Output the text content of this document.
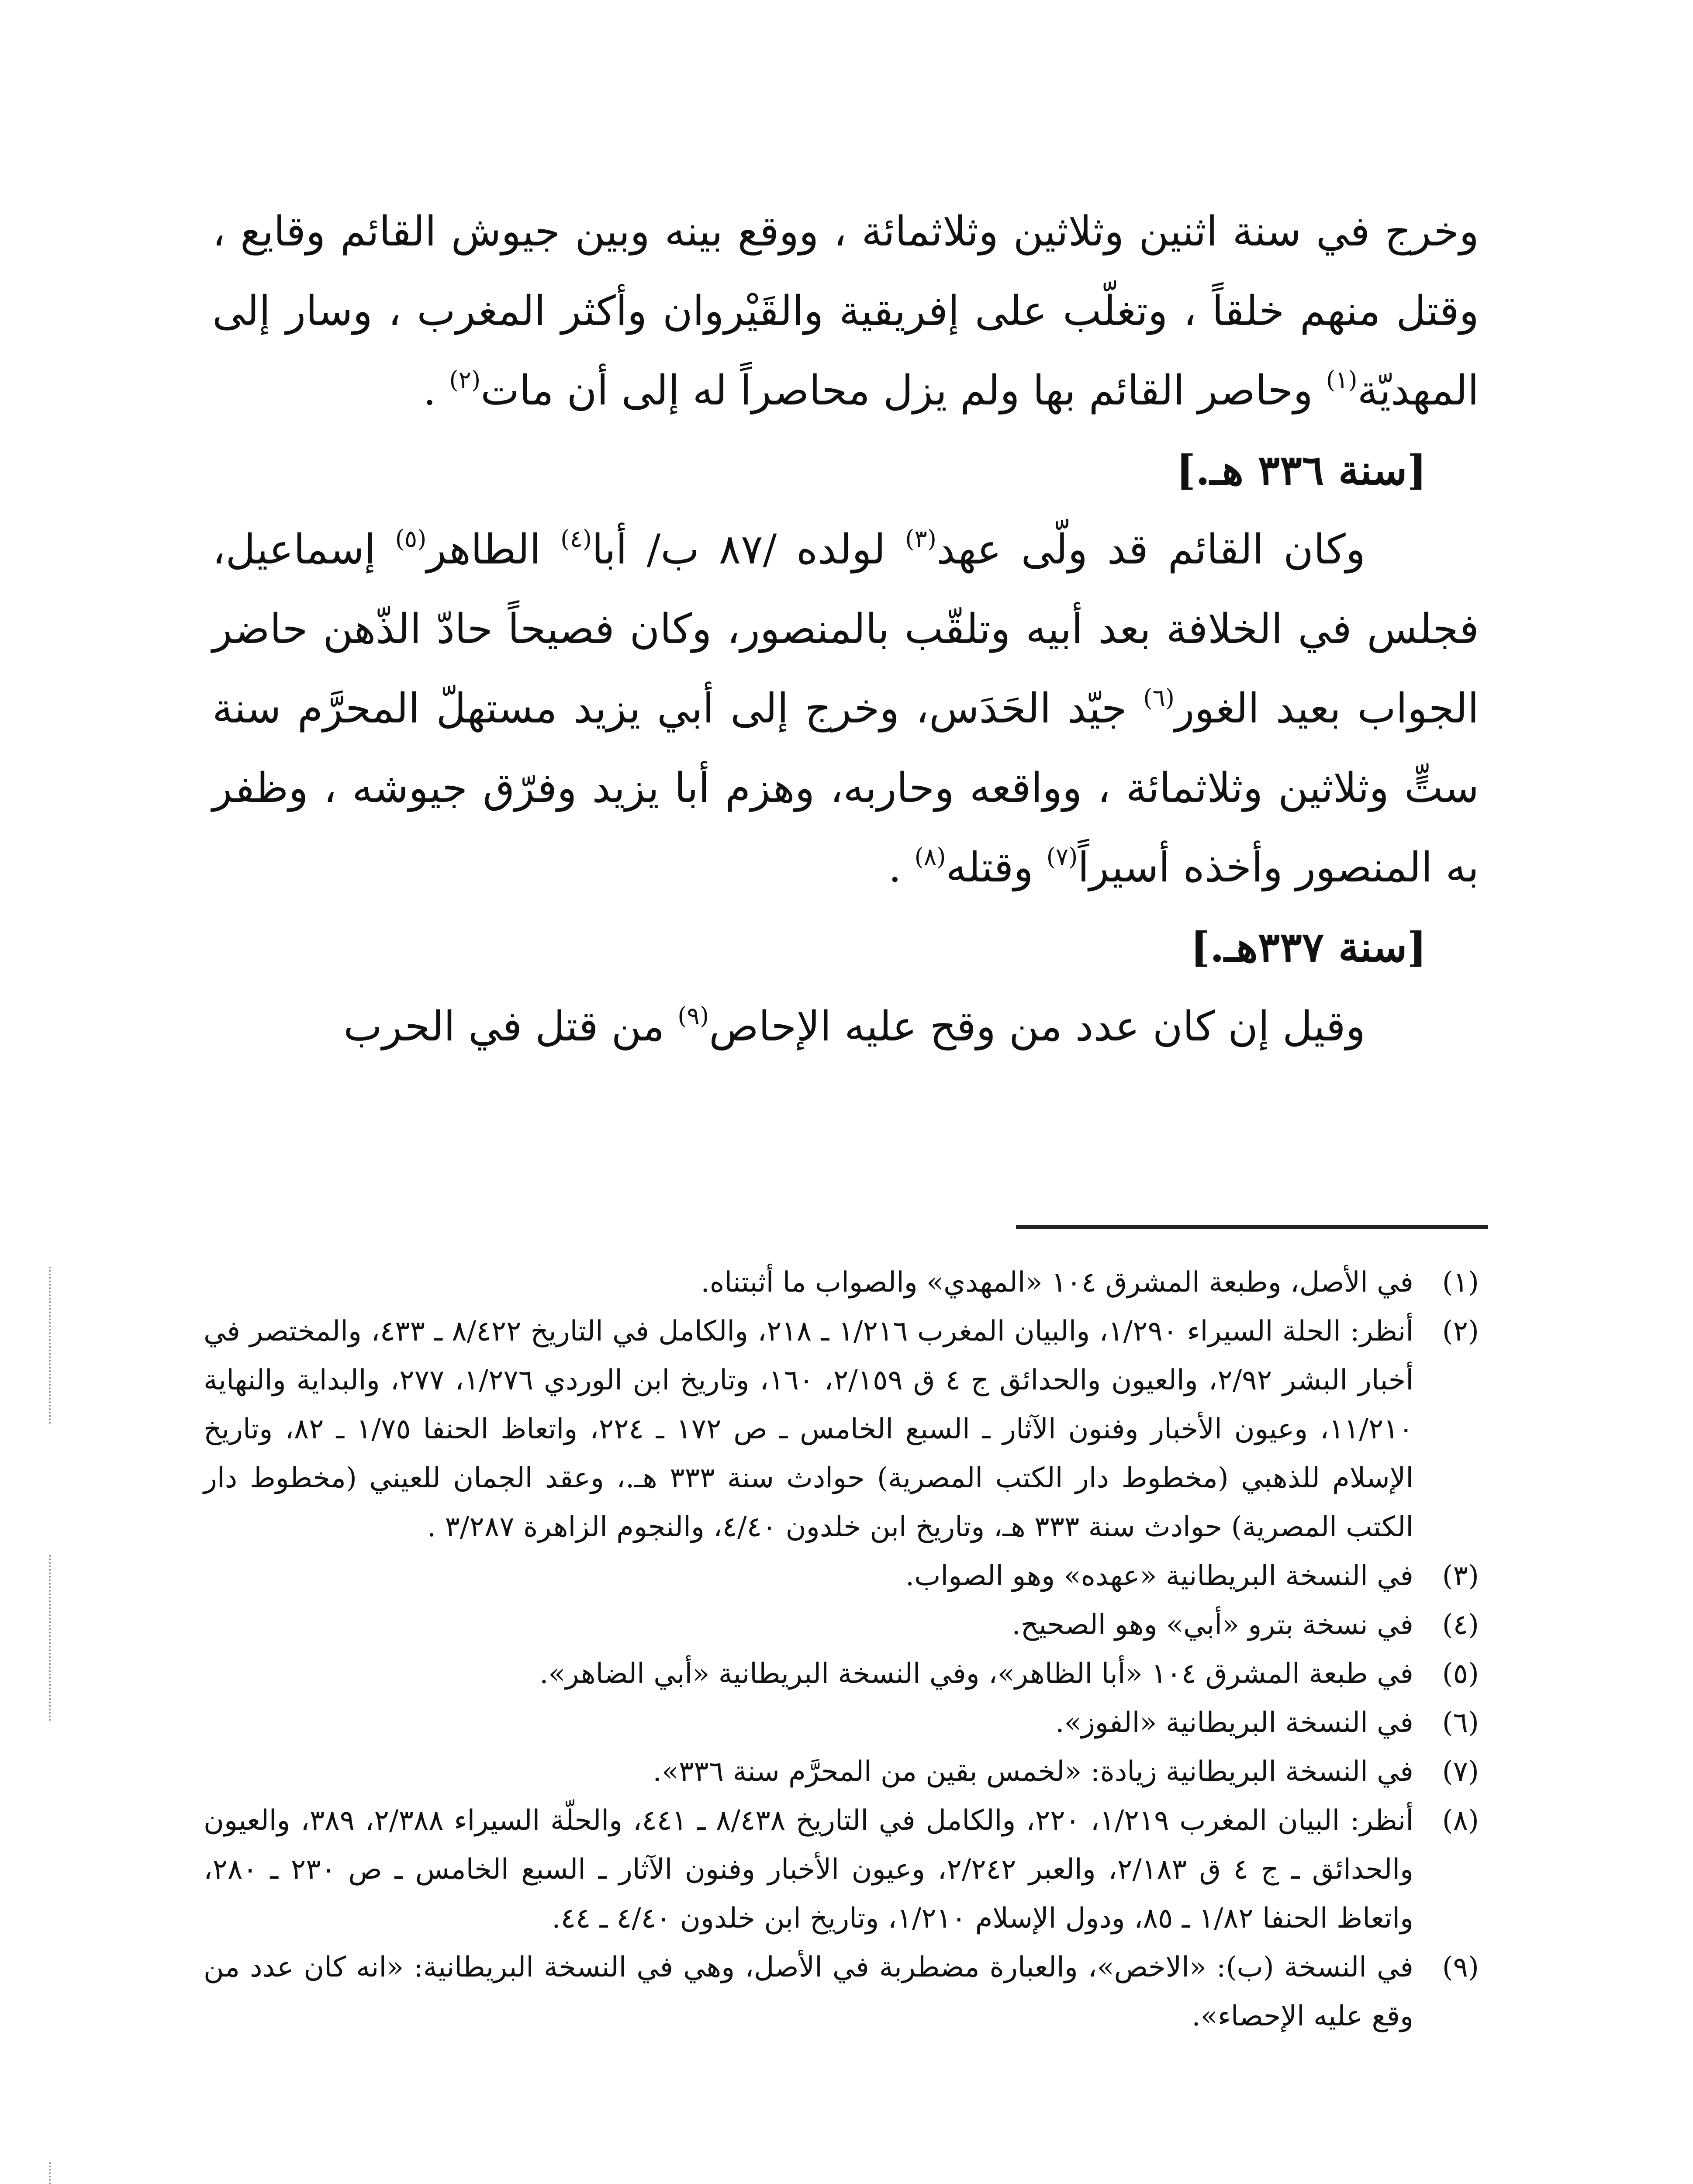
وخرج في سنة اثنين وثلاثين وثلاثمائة ، ووقع بينه وبين جيوش القائم وقايع ، وقتل منهم خلقاً ، وتغلّب على إفريقية والقَيْروان وأكثر المغرب ، وسار إلى المهديّة$^{(١)}$ وحاصر القائم بها ولم يزل محاصراً له إلى أن مات$^{(٢)}$ .

[سنة ٣٣٦ هـ.]

وكان القائم قد ولّى عهد$^{(٣)}$ لولده /٨٧ ب/ أبا$^{(٤)}$ الطاهر$^{(٥)}$ إسماعيل، فجلس في الخلافة بعد أبيه وتلقّب بالمنصور، وكان فصيحاً حادّ الذّهن حاضر الجواب بعيد الغور$^{(٦)}$ جيّد الحَدَس، وخرج إلى أبي يزيد مستهلّ المحرَّم سنة ستٍّ وثلاثين وثلاثمائة ، وواقعه وحاربه، وهزم أبا يزيد وفرّق جيوشه ، وظفر به المنصور وأخذه أسيراً$^{(٧)}$ وقتله$^{(٨)}$ .

[سنة ٣٣٧هـ.]

وقيل إن كان عدد من وقح عليه الإحاص$^{(٩)}$ من قتل في الحرب

(١)
في الأصل، وطبعة المشرق ١٠٤ «المهدي» والصواب ما أثبتناه.
(٢)
أنظر: الحلة السيراء ١/٢٩٠، والبيان المغرب ١/٢١٦ ـ ٢١٨، والكامل في التاريخ ٨/٤٢٢ ـ ٤٣٣، والمختصر في أخبار البشر ٢/٩٢، والعيون والحدائق ج ٤ ق ٢/١٥٩، ١٦٠، وتاريخ ابن الوردي ١/٢٧٦، ٢٧٧، والبداية والنهاية ١١/٢١٠، وعيون الأخبار وفنون الآثار ـ السبع الخامس ـ ص ١٧٢ ـ ٢٢٤، واتعاظ الحنفا ١/٧٥ ـ ٨٢، وتاريخ الإسلام للذهبي (مخطوط دار الكتب المصرية) حوادث سنة ٣٣٣ هـ.، وعقد الجمان للعيني (مخطوط دار الكتب المصرية) حوادث سنة ٣٣٣ هـ، وتاريخ ابن خلدون ٤/٤٠، والنجوم الزاهرة ٣/٢٨٧ .
(٣)
في النسخة البريطانية «عهده» وهو الصواب.
(٤)
في نسخة بترو «أبي» وهو الصحيح.
(٥)
في طبعة المشرق ١٠٤ «أبا الظاهر»، وفي النسخة البريطانية «أبي الضاهر».
(٦)
في النسخة البريطانية «الفوز».
(٧)
في النسخة البريطانية زيادة: «لخمس بقين من المحرَّم سنة ٣٣٦».
(٨)
أنظر: البيان المغرب ١/٢١٩، ٢٢٠، والكامل في التاريخ ٨/٤٣٨ ـ ٤٤١، والحلّة السيراء ٢/٣٨٨، ٣٨٩، والعيون والحدائق ـ ج ٤ ق ٢/١٨٣، والعبر ٢/٢٤٢، وعيون الأخبار وفنون الآثار ـ السبع الخامس ـ ص ٢٣٠ ـ ٢٨٠، واتعاظ الحنفا ١/٨٢ ـ ٨٥، ودول الإسلام ١/٢١٠، وتاريخ ابن خلدون ٤/٤٠ ـ ٤٤.
(٩)
في النسخة (ب): «الاخص»، والعبارة مضطربة في الأصل، وهي في النسخة البريطانية: «انه كان عدد من وقع عليه الإحصاء».
